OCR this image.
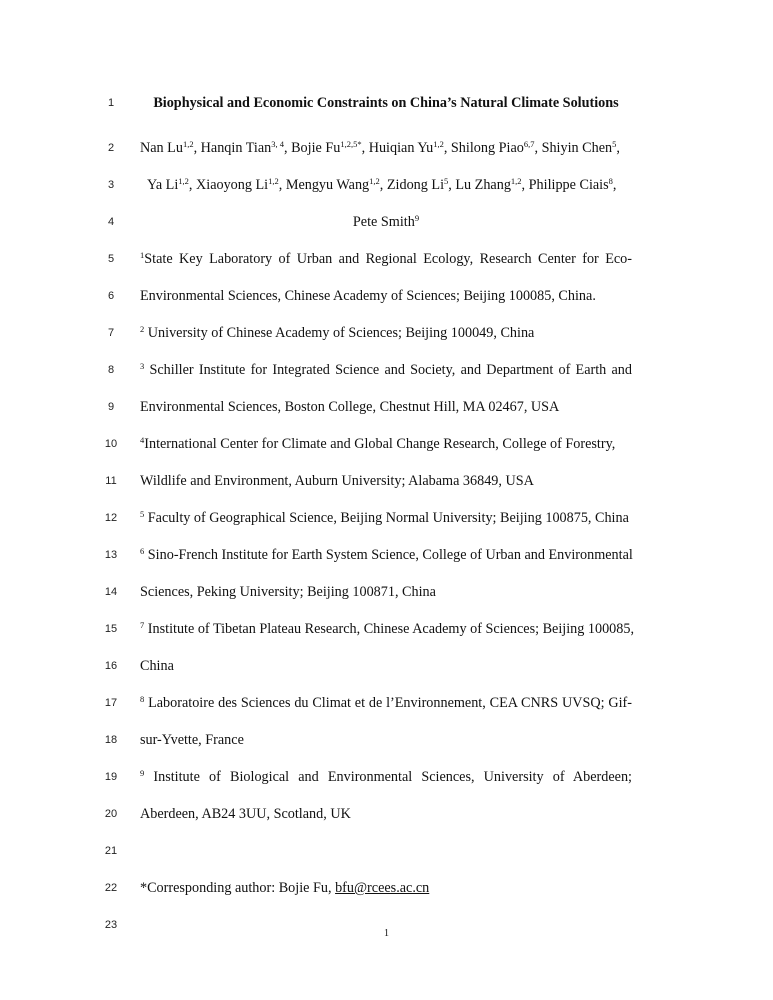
1	Biophysical and Economic Constraints on China’s Natural Climate Solutions
2	Nan Lu$^{1,2}$, Hanqin Tian$^{3, 4}$, Bojie $Fu^{1,2,5*}$, Huiqian Yu$^{1,2}$, Shilong Piao$^{6,7}$, Shiyin Chen$^5$,
3	Ya Li$^{1,2}$, Xiaoyong Li$^{1,2}$, Mengyu Wang$^{1,2}$, Zidong Li$^5$, Lu Zhang$^{1,2}$, Philippe Ciais$^8$,
4	Pete Smith$^9$
5	$^1$State Key Laboratory of Urban and Regional Ecology, Research Center for Eco-
6	Environmental Sciences, Chinese Academy of Sciences; Beijing 100085, China.
7	$^2$ University of Chinese Academy of Sciences; Beijing 100049, China
8	$^3$ Schiller Institute for Integrated Science and Society, and Department of Earth and
9	Environmental Sciences, Boston College, Chestnut Hill, MA 02467, USA
10	$^4$International Center for Climate and Global Change Research, College of Forestry,
11	Wildlife and Environment, Auburn University; Alabama 36849, USA
12	$^5$ Faculty of Geographical Science, Beijing Normal University; Beijing 100875, China
13	$^6$ Sino-French Institute for Earth System Science, College of Urban and Environmental
14	Sciences, Peking University; Beijing 100871, China
15	$^7$ Institute of Tibetan Plateau Research, Chinese Academy of Sciences; Beijing 100085,
16	China
17	$^8$ Laboratoire des Sciences du Climat et de l’Environnement, CEA CNRS UVSQ; Gif-
18	sur-Yvette, France
19	$^9$ Institute of Biological and Environmental Sciences, University of Aberdeen;
20	Aberdeen, AB24 3UU, Scotland, UK
21
22	*Corresponding author: Bojie Fu, bfu@rcees.ac.cn
23
1
